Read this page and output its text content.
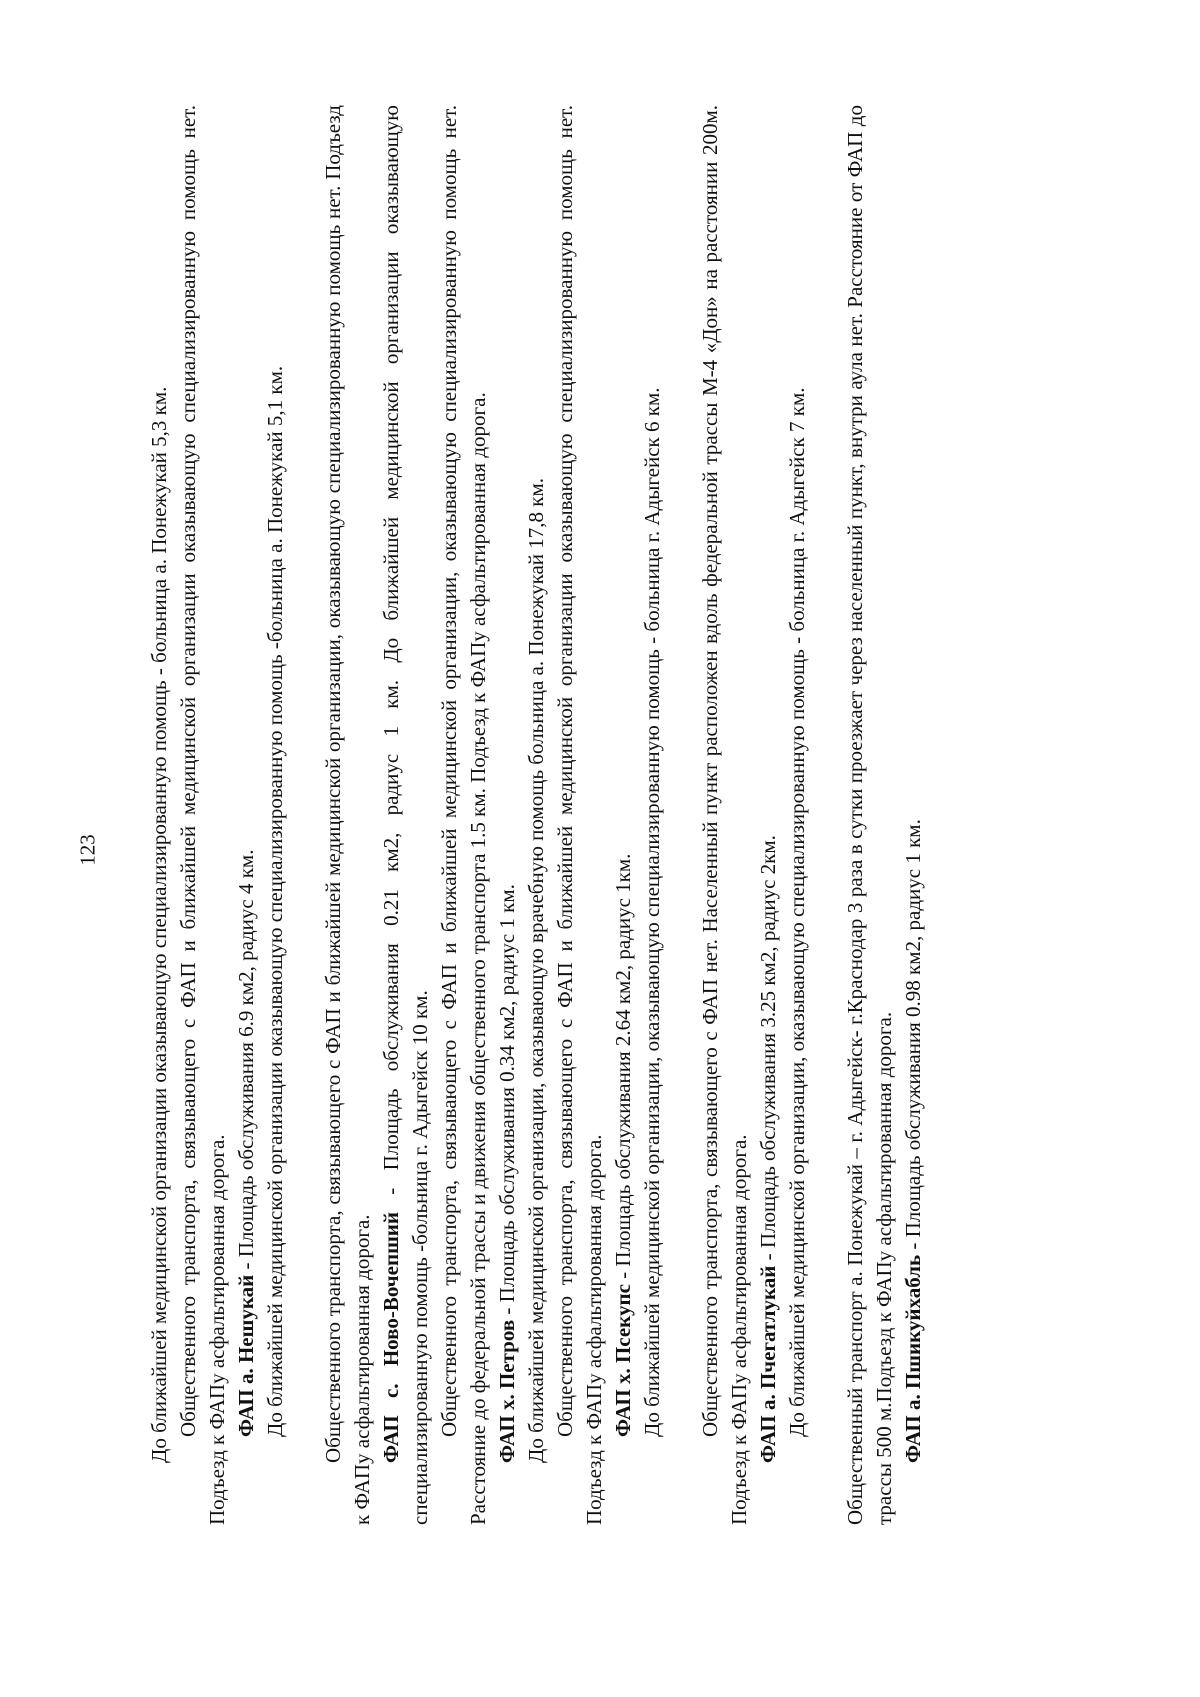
123 До ближайшей медицинской организации оказывающую специализированную помощь - больница а. Понежукай 5,3 км. Общественного транспорта, связывающего с ФАП и ближайшей медицинской организации оказывающую специализированную помощь нет. Подъезд к ФАПу асфальтированная дорога. ФАП а. Нешукай - Площадь обслуживания 6.9 км2, радиус 4 км. До ближайшей медицинской организации оказывающую специализированную помощь -больница а. Понежукай 5,1 км. Общественного транспорта, связывающего с ФАП и ближайшей медицинской организации, оказывающую специализированную помощь нет. Подъезд к ФАПу асфальтированная дорога. ФАП с. Ново-Вочепший - Площадь обслуживания 0.21 км2, радиус 1 км. До ближайшей медицинской организации оказывающую специализированную помощь -больница г. Адыгейск 10 км. Общественного транспорта, связывающего с ФАП и ближайшей медицинской организации, оказывающую специализированную помощь нет. Расстояние до федеральной трассы и движения общественного транспорта 1.5 км. Подъезд к ФАПу асфальтированная дорога. ФАП х. Петров - Площадь обслуживания 0.34 км2, радиус 1 км. До ближайшей медицинской организации, оказывающую врачебную помощь больница а. Понежукай 17,8 км. Общественного транспорта, связывающего с ФАП и ближайшей медицинской организации оказывающую специализированную помощь нет. Подъезд к ФАПу асфальтированная дорога. ФАП х. Псекупс - Площадь обслуживания 2.64 км2, радиус 1км. До ближайшей медицинской организации, оказывающую специализированную помощь - больница г. Адыгейск 6 км. Общественного транспорта, связывающего с ФАП нет. Населенный пункт расположен вдоль федеральной трассы М-4 «Дон» на расстоянии 200м. Подъезд к ФАПу асфальтированная дорога. ФАП а. Пчегатлукай - Площадь обслуживания 3.25 км2, радиус 2км. До ближайшей медицинской организации, оказывающую специализированную помощь - больница г. Адыгейск 7 км. Общественный транспорт а. Понежукай – г. Адыгейск- г.Краснодар 3 раза в сутки проезжает через населенный пункт, внутри аула нет. Расстояние от ФАП до трассы 500 м.Подъезд к ФАПу асфальтированная дорога. ФАП а. Пшикуйхабль - Площадь обслуживания 0.98 км2, радиус 1 км.
